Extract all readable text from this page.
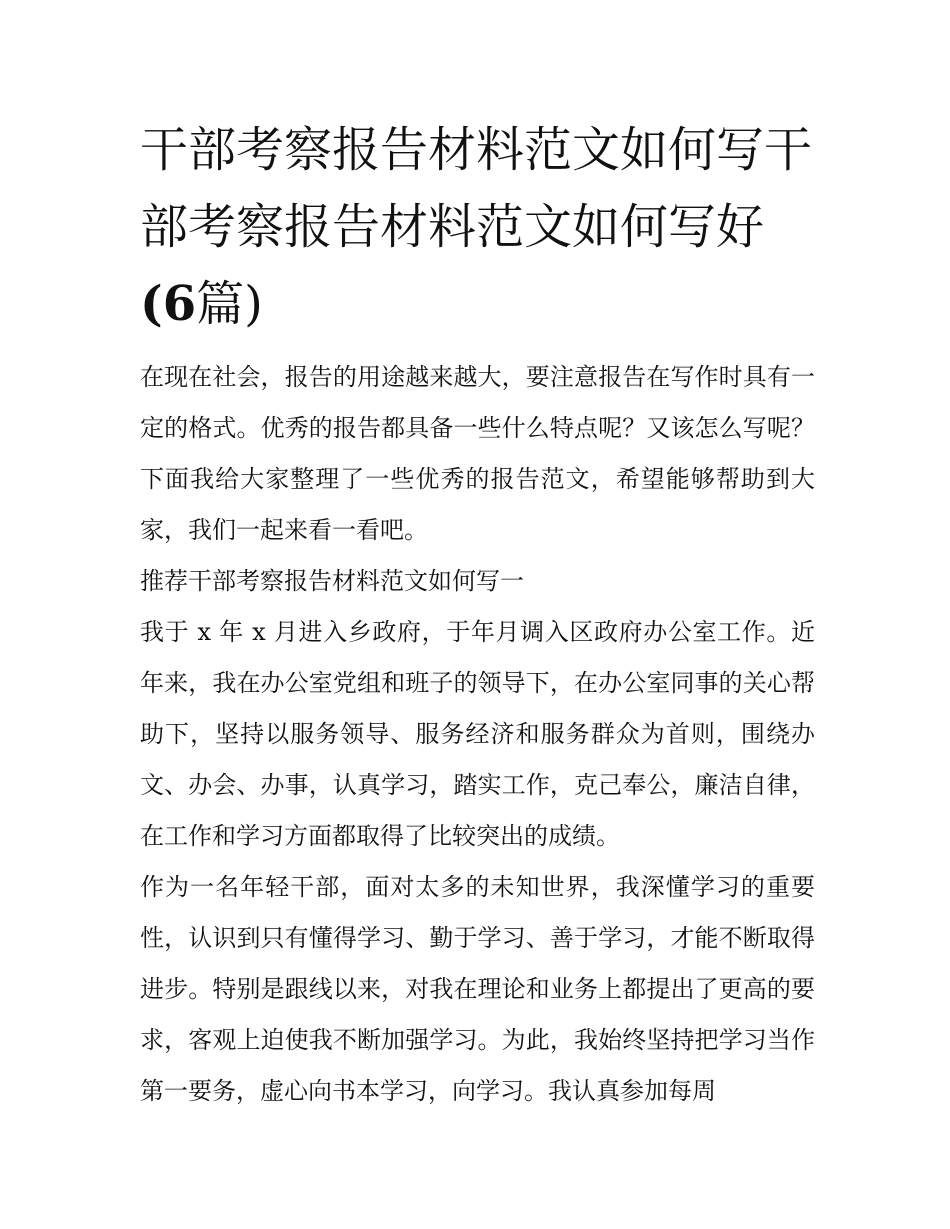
干部考察报告材料范文如何写干部考察报告材料范文如何写好(6篇)

在现在社会，报告的用途越来越大，要注意报告在写作时具有一定的格式。优秀的报告都具备一些什么特点呢？又该怎么写呢？下面我给大家整理了一些优秀的报告范文，希望能够帮助到大家，我们一起来看一看吧。

推荐干部考察报告材料范文如何写一

我于 x 年 x 月进入乡政府，于年月调入区政府办公室工作。近年来，我在办公室党组和班子的领导下，在办公室同事的关心帮助下，坚持以服务领导、服务经济和服务群众为首则，围绕办文、办会、办事，认真学习，踏实工作，克己奉公，廉洁自律，在工作和学习方面都取得了比较突出的成绩。

作为一名年轻干部，面对太多的未知世界，我深懂学习的重要性，认识到只有懂得学习、勤于学习、善于学习，才能不断取得进步。特别是跟线以来，对我在理论和业务上都提出了更高的要求，客观上迫使我不断加强学习。为此，我始终坚持把学习当作第一要务，虚心向书本学习，向学习。我认真参加每周
